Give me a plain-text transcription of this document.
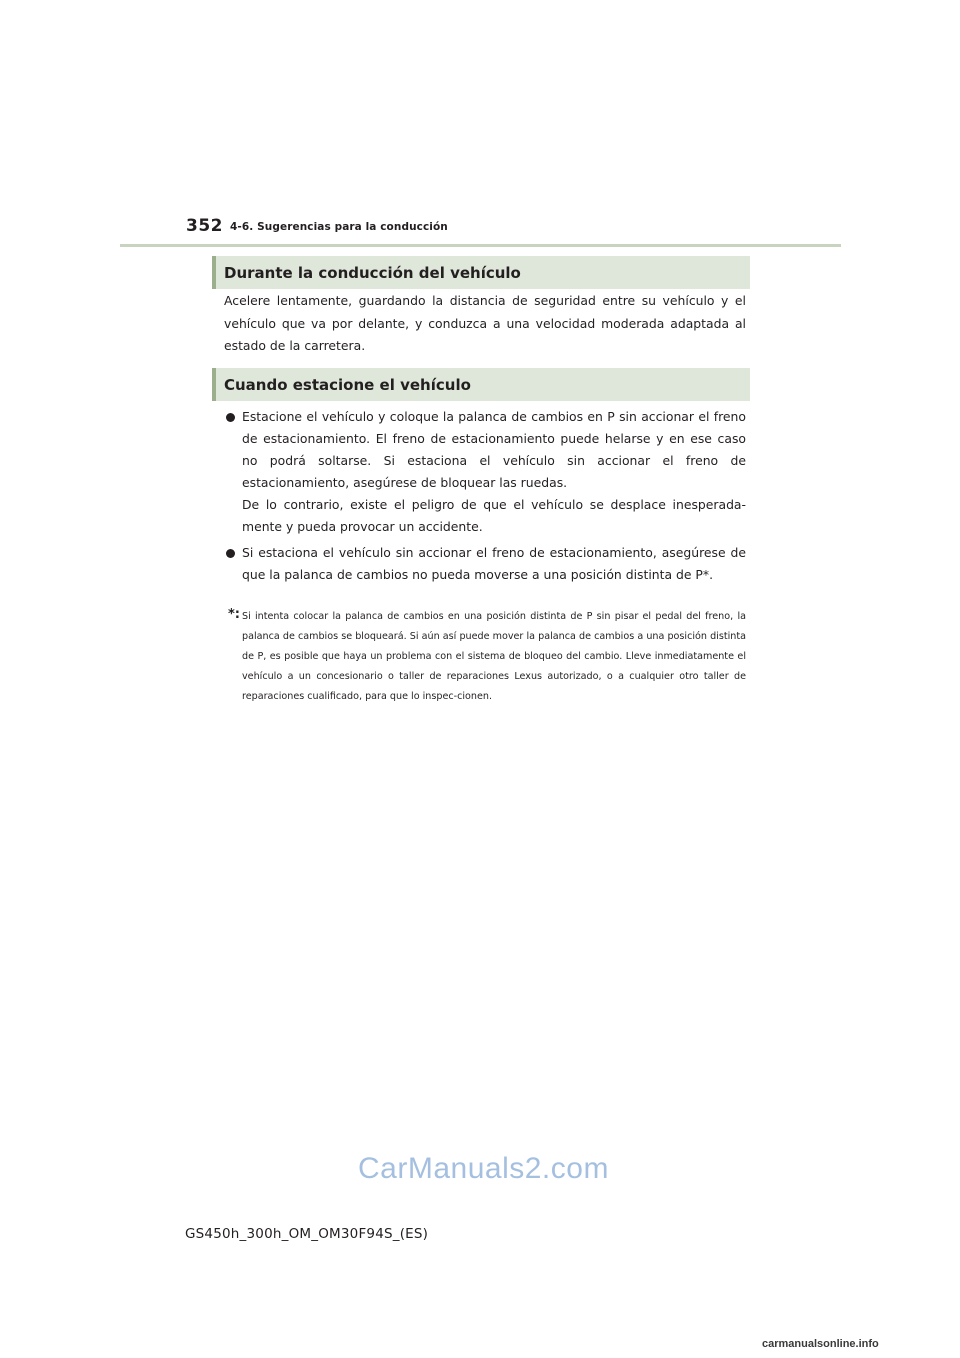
352 4-6. Sugerencias para la conducción
Durante la conducción del vehículo
Acelere lentamente, guardando la distancia de seguridad entre su vehículo y el vehículo que va por delante, y conduzca a una velocidad moderada adaptada al estado de la carretera.
Cuando estacione el vehículo

Estacione el vehículo y coloque la palanca de cambios en P sin accionar el freno de estacionamiento. El freno de estacionamiento puede helarse y en ese caso no podrá soltarse. Si estaciona el vehículo sin accionar el freno de estacionamiento, asegúrese de bloquear las ruedas.

De lo contrario, existe el peligro de que el vehículo se desplace inesperada-mente y pueda provocar un accidente.

Si estaciona el vehículo sin accionar el freno de estacionamiento, asegúrese de que la palanca de cambios no pueda moverse a una posición distinta de P*.

*: Si intenta colocar la palanca de cambios en una posición distinta de P sin pisar el pedal del freno, la palanca de cambios se bloqueará. Si aún así puede mover la palanca de cambios a una posición distinta de P, es posible que haya un problema con el sistema de bloqueo del cambio. Lleve inmediatamente el vehículo a un concesionario o taller de reparaciones Lexus autorizado, o a cualquier otro taller de reparaciones cualificado, para que lo inspec-cionen.
CarManuals2.com
GS450h_300h_OM_OM30F94S_(ES)
carmanualsonline.info
